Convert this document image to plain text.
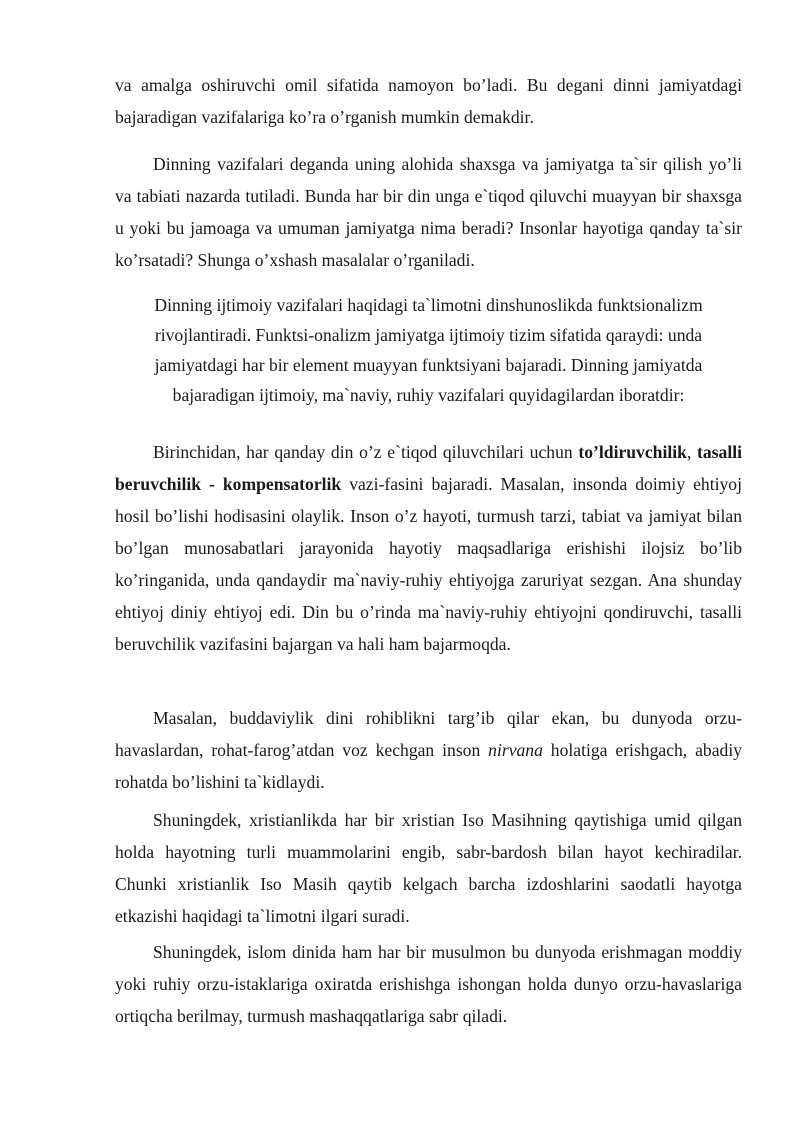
va amalga oshiruvchi omil sifatida namoyon bo’ladi. Bu degani dinni jamiyatdagi bajaradigan vazifalariga ko’ra o’rganish mumkin demakdir.

Dinning vazifalari deganda uning alohida shaxsga va jamiyatga ta`sir qilish yo’li va tabiati nazarda tutiladi. Bunda har bir din unga e`tiqod qiluvchi muayyan bir shaxsga u yoki bu jamoaga va umuman jamiyatga nima beradi? Insonlar hayotiga qanday ta`sir ko’rsatadi? Shunga o’xshash masalalar o’rganiladi.

Dinning ijtimoiy vazifalari haqidagi ta`limotni dinshunoslikda funktsionalizm
rivojlantiradi. Funktsi-onalizm jamiyatga ijtimoiy tizim sifatida qaraydi: unda
jamiyatdagi har bir element muayyan funktsiyani bajaradi. Dinning jamiyatda
bajaradigan ijtimoiy, ma`naviy, ruhiy vazifalari quyidagilardan iboratdir:

Birinchidan, har qanday din o’z e`tiqod qiluvchilari uchun to’ldiruvchilik, tasalli beruvchilik - kompensatorlik vazi-fasini bajaradi. Masalan, insonda doimiy ehtiyoj hosil bo’lishi hodisasini olaylik. Inson o’z hayoti, turmush tarzi, tabiat va jamiyat bilan bo’lgan munosabatlari jarayonida hayotiy maqsadlariga erishishi ilojsiz bo’lib ko’ringanida, unda qandaydir ma`naviy-ruhiy ehtiyojga zaruriyat sezgan. Ana shunday ehtiyoj diniy ehtiyoj edi. Din bu o’rinda ma`naviy-ruhiy ehtiyojni qondiruvchi, tasalli beruvchilik vazifasini bajargan va hali ham bajarmoqda.

Masalan, buddaviylik dini rohiblikni targ’ib qilar ekan, bu dunyoda orzu-havaslardan, rohat-farog’atdan voz kechgan inson nirvana holatiga erishgach, abadiy rohatda bo’lishini ta`kidlaydi.

Shuningdek, xristianlikda har bir xristian Iso Masihning qaytishiga umid qilgan holda hayotning turli muammolarini engib, sabr-bardosh bilan hayot kechiradilar. Chunki xristianlik Iso Masih qaytib kelgach barcha izdoshlarini saodatli hayotga etkazishi haqidagi ta`limotni ilgari suradi.

Shuningdek, islom dinida ham har bir musulmon bu dunyoda erishmagan moddiy yoki ruhiy orzu-istaklariga oxiratda erishishga ishongan holda dunyo orzu-havaslariga ortiqcha berilmay, turmush mashaqqatlariga sabr qiladi.
